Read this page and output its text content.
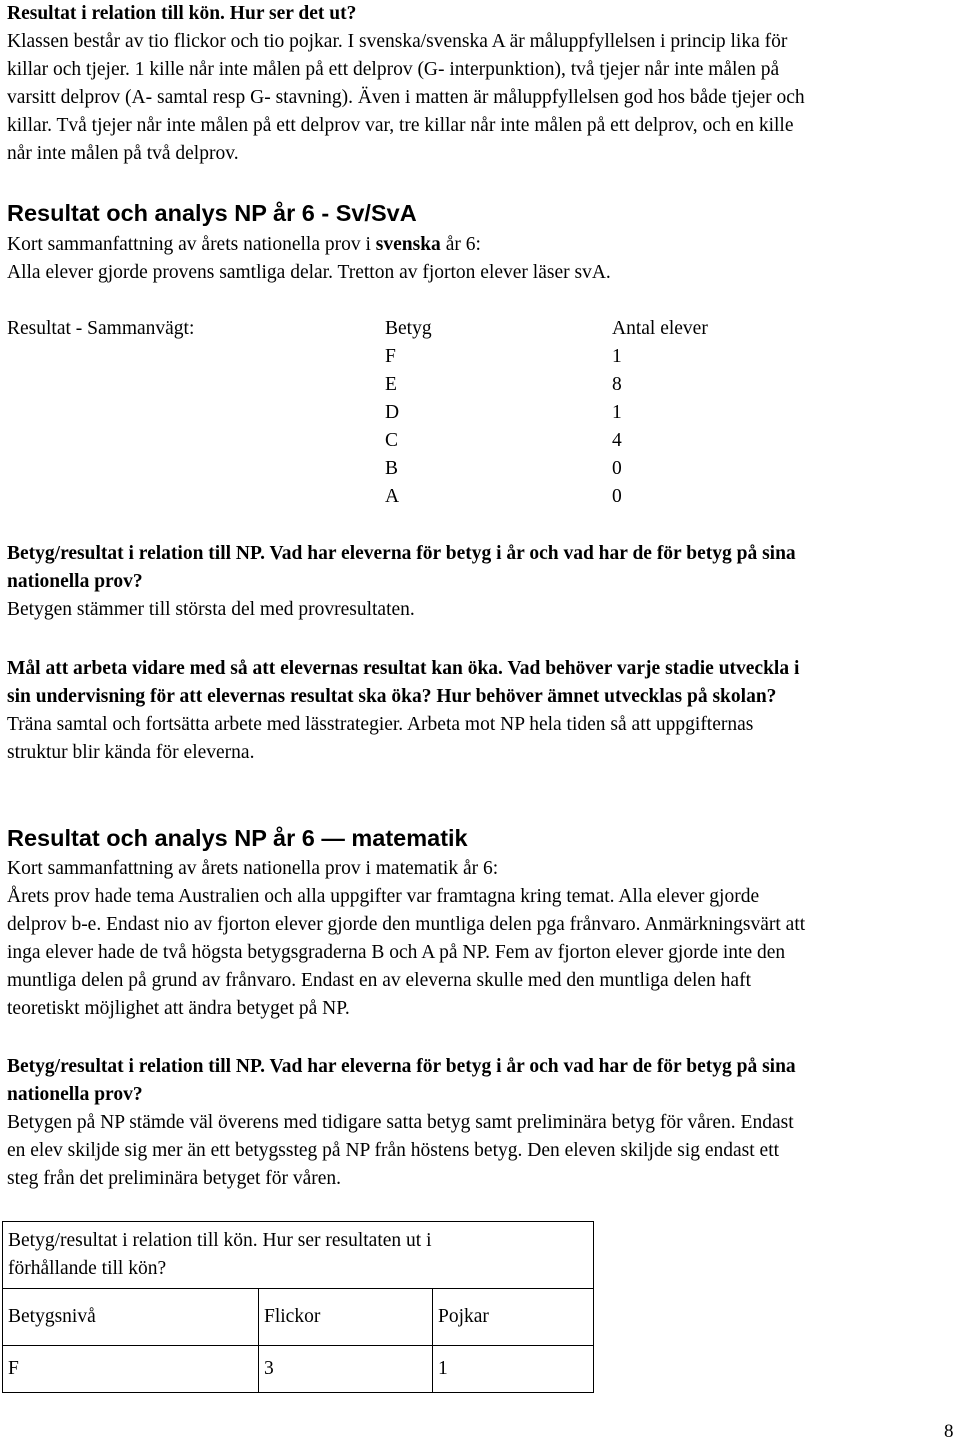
Resultat i relation till kön. Hur ser det ut?

Klassen består av tio flickor och tio pojkar. I svenska/svenska A är måluppfyllelsen i princip lika för

killar och tjejer. 1 kille når inte målen på ett delprov (G- interpunktion), två tjejer når inte målen på

varsitt delprov (A- samtal resp G- stavning). Även i matten är måluppfyllelsen god hos både tjejer och

killar. Två tjejer når inte målen på ett delprov var, tre killar når inte målen på ett delprov, och en kille

når inte målen på två delprov.

Resultat och analys NP år 6 - Sv/SvA
Kort sammanfattning av årets nationella prov i svenska år 6:
Alla elever gjorde provens samtliga delar. Tretton av fjorton elever läser svA.
Resultat - Sammanvägt:	Betyg	Antal elever
F	1
E	8
D	1
C	4
B	0
A	0

Betyg/resultat i relation till NP. Vad har eleverna för betyg i år och vad har de för betyg på sina

nationella prov?

Betygen stämmer till största del med provresultaten.

Mål att arbeta vidare med så att elevernas resultat kan öka. Vad behöver varje stadie utveckla i

sin undervisning för att elevernas resultat ska öka? Hur behöver ämnet utvecklas på skolan?

Träna samtal och fortsätta arbete med lässtrategier. Arbeta mot NP hela tiden så att uppgifternas

struktur blir kända för eleverna.

Resultat och analys NP år 6 — matematik
Kort sammanfattning av årets nationella prov i matematik år 6:

Årets prov hade tema Australien och alla uppgifter var framtagna kring temat. Alla elever gjorde

delprov b-e. Endast nio av fjorton elever gjorde den muntliga delen pga frånvaro. Anmärkningsvärt att

inga elever hade de två högsta betygsgraderna B och A på NP. Fem av fjorton elever gjorde inte den

muntliga delen på grund av frånvaro. Endast en av eleverna skulle med den muntliga delen haft

teoretiskt möjlighet att ändra betyget på NP.

Betyg/resultat i relation till NP. Vad har eleverna för betyg i år och vad har de för betyg på sina

nationella prov?

Betygen på NP stämde väl överens med tidigare satta betyg samt preliminära betyg för våren. Endast

en elev skiljde sig mer än ett betygssteg på NP från höstens betyg. Den eleven skiljde sig endast ett

steg från det preliminära betyget för våren.

Betyg/resultat i relation till kön. Hur ser resultaten ut i
förhållande till kön?		

Betygsnivå	Flickor	Pojkar
F	3	1
8
